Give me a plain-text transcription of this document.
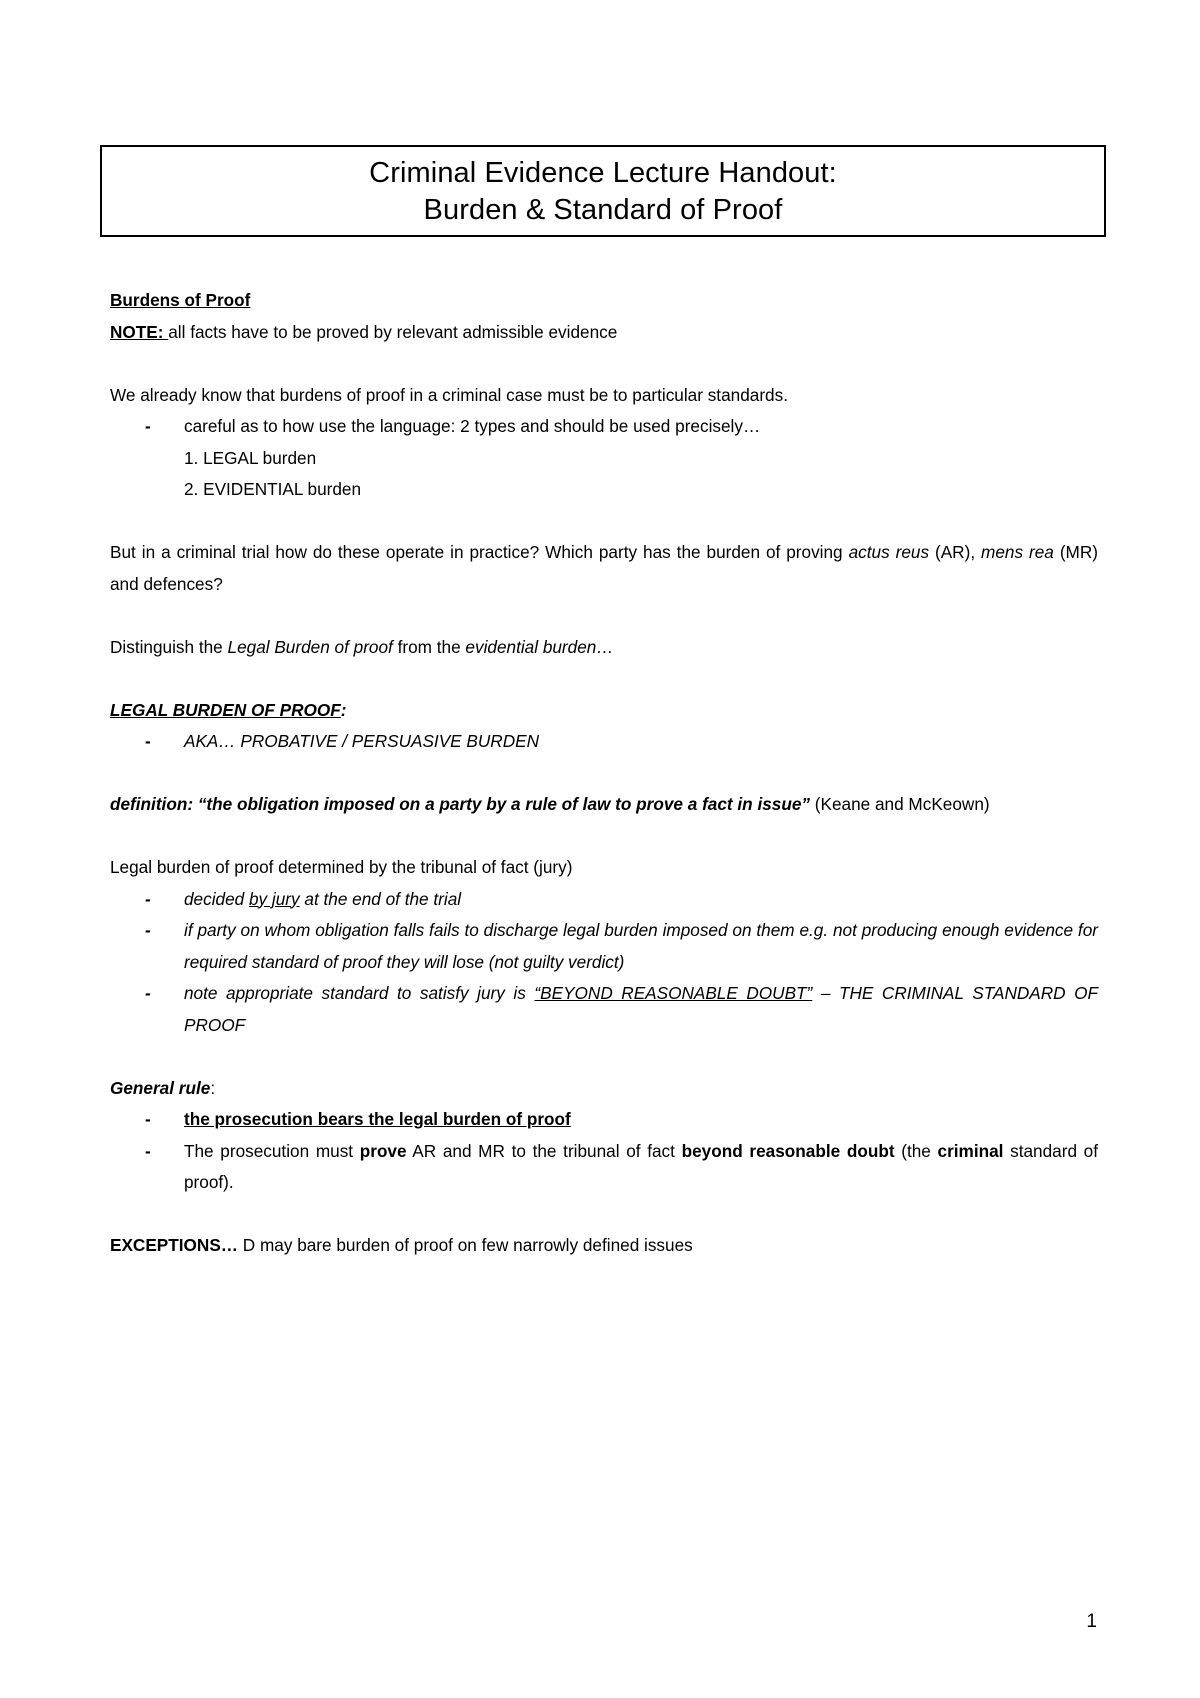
Criminal Evidence Lecture Handout:
Burden & Standard of Proof

Burdens of Proof

NOTE: all facts have to be proved by relevant admissible evidence

We already know that burdens of proof in a criminal case must be to particular standards.

- careful as to how use the language: 2 types and should be used precisely…

1. LEGAL burden

2. EVIDENTIAL burden

But in a criminal trial how do these operate in practice? Which party has the burden of proving actus reus (AR), mens rea (MR) and defences?

Distinguish the Legal Burden of proof from the evidential burden…

LEGAL BURDEN OF PROOF:

- AKA… PROBATIVE / PERSUASIVE BURDEN

definition: “the obligation imposed on a party by a rule of law to prove a fact in issue” (Keane and McKeown)

Legal burden of proof determined by the tribunal of fact (jury)

- decided by jury at the end of the trial

- if party on whom obligation falls fails to discharge legal burden imposed on them e.g. not producing enough evidence for required standard of proof they will lose (not guilty verdict)

- note appropriate standard to satisfy jury is “BEYOND REASONABLE DOUBT” – THE CRIMINAL STANDARD OF PROOF

General rule:

- the prosecution bears the legal burden of proof

- The prosecution must prove AR and MR to the tribunal of fact beyond reasonable doubt (the criminal standard of proof).

EXCEPTIONS… D may bare burden of proof on few narrowly defined issues

1
